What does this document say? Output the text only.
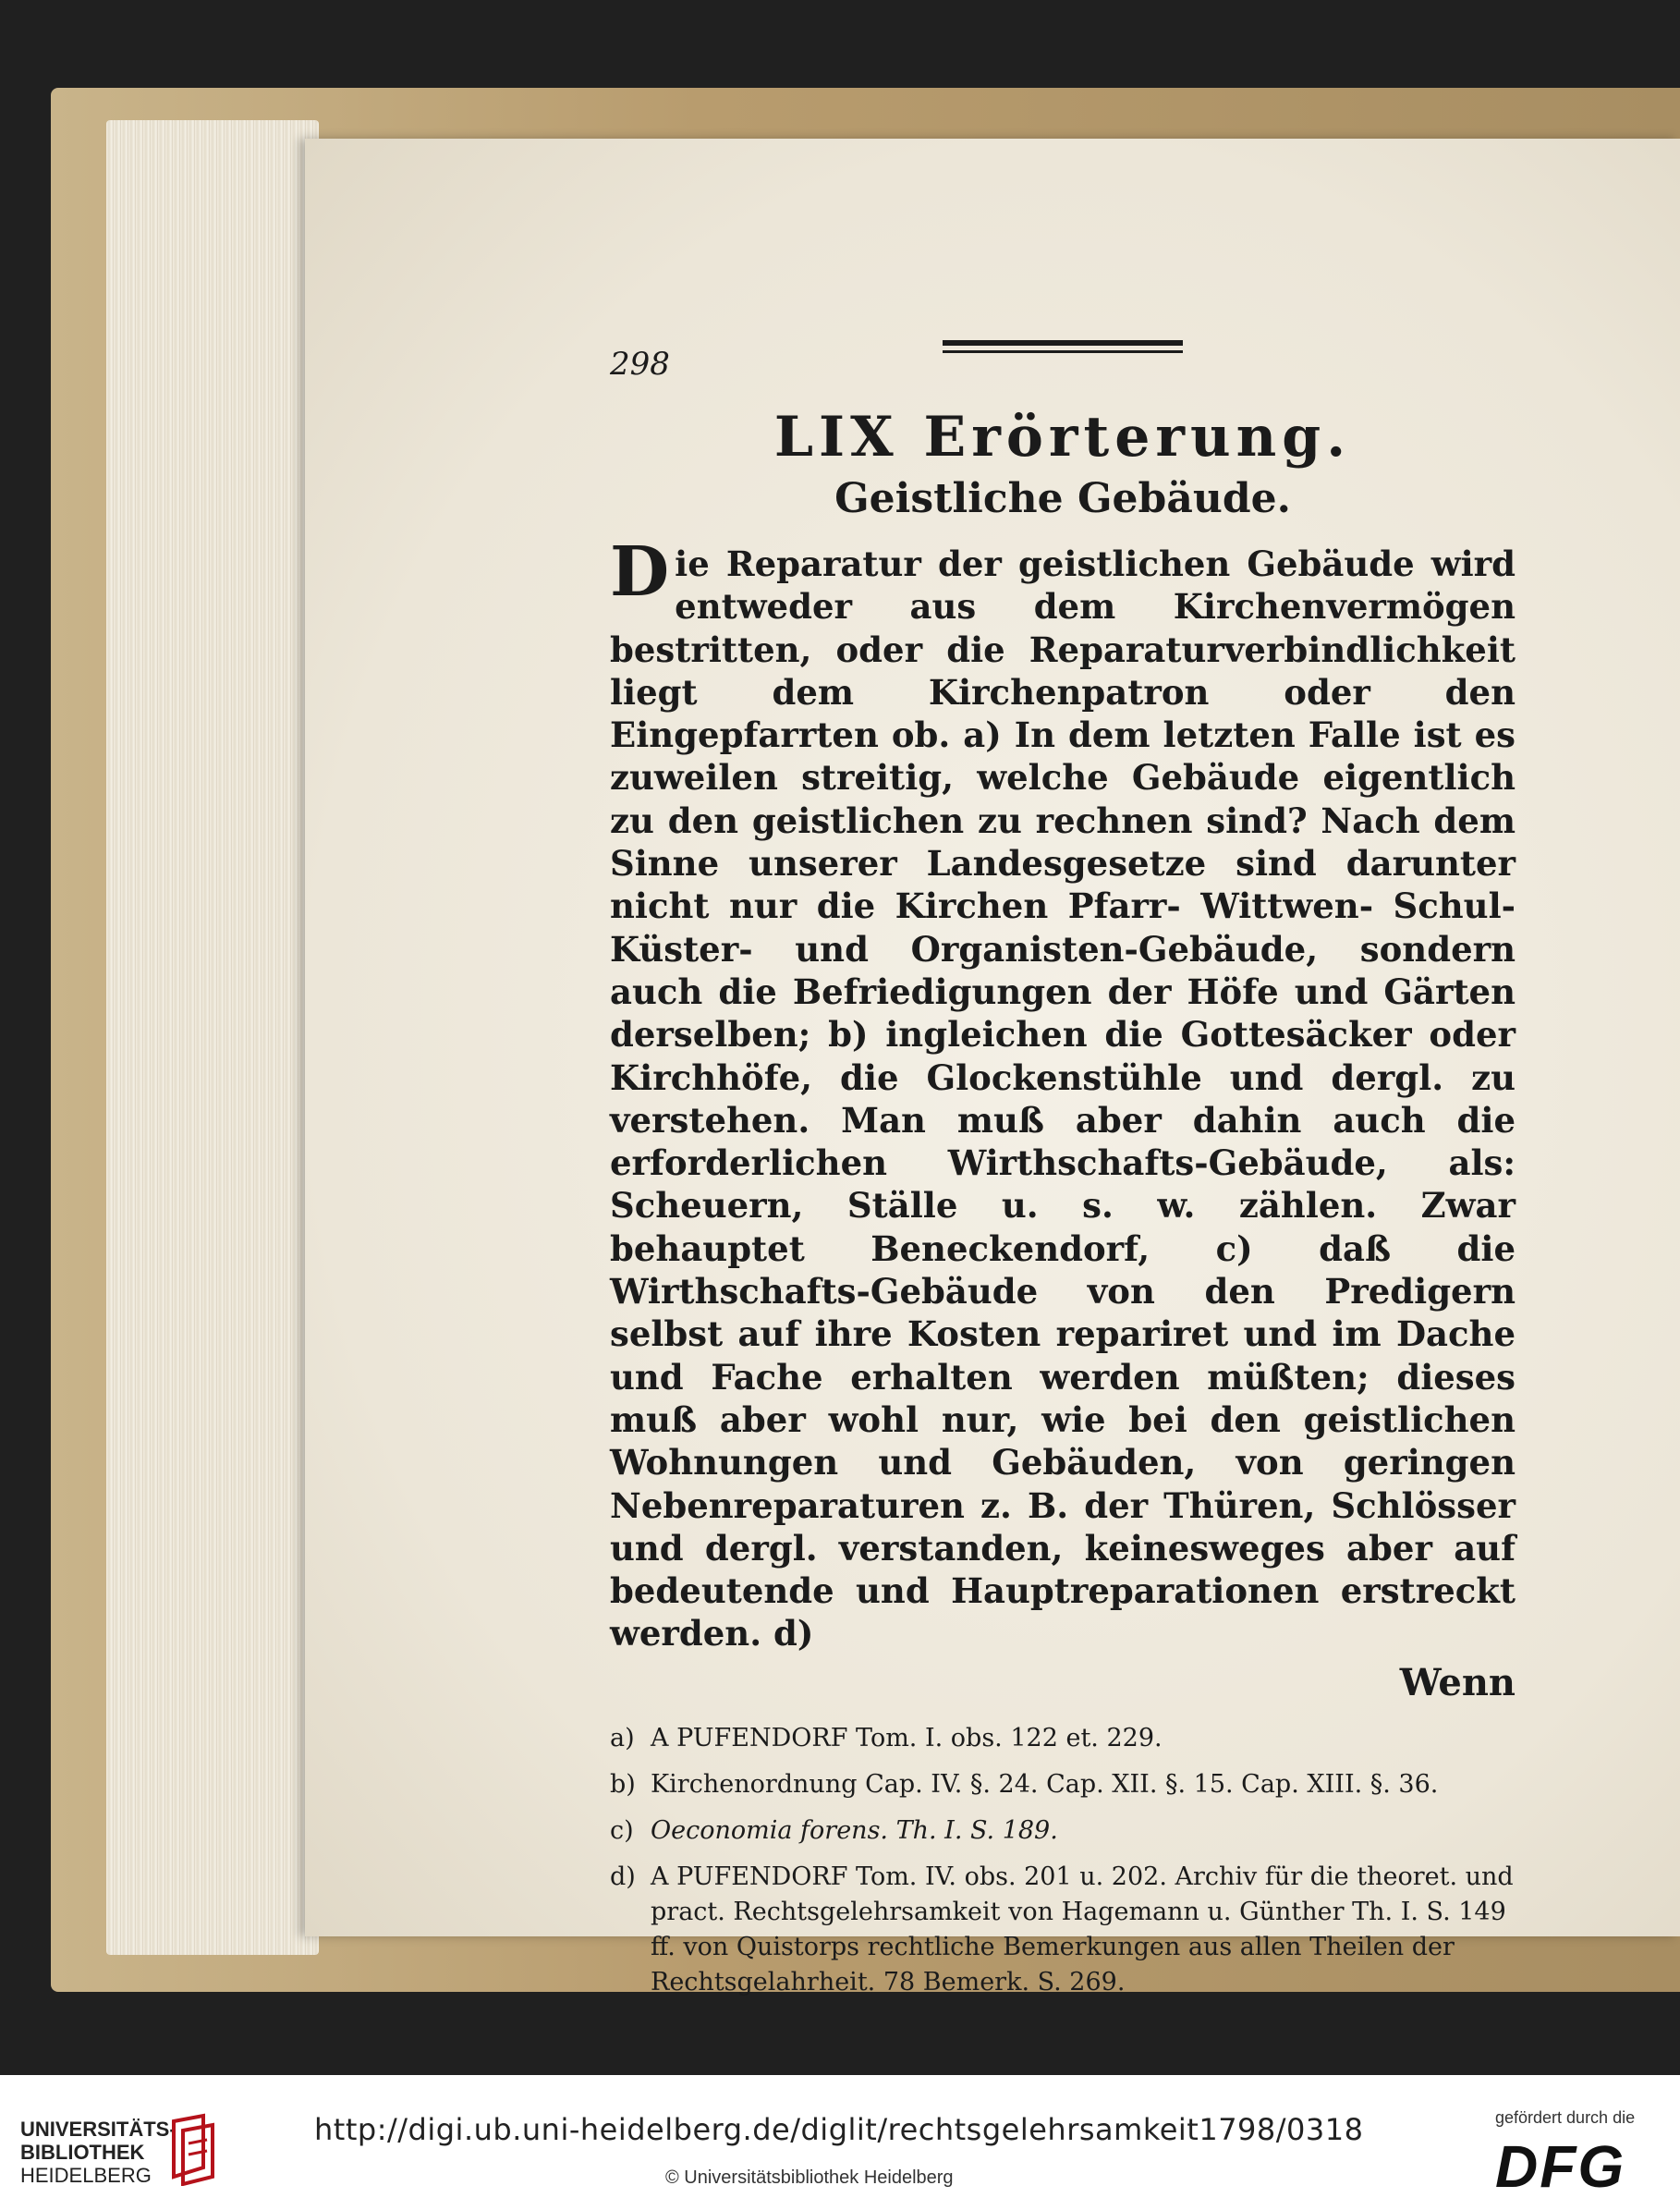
298
LIX Erörterung.
Geistliche Gebäude.
Die Reparatur der geistlichen Gebäude wird entweder aus dem Kirchenvermögen bestritten, oder die Reparaturverbindlichkeit liegt dem Kirchenpatron oder den Eingepfarrten ob. a) In dem letzten Falle ist es zuweilen streitig, welche Gebäude eigentlich zu den geistlichen zu rechnen sind? Nach dem Sinne unserer Landesgesetze sind darunter nicht nur die Kirchen Pfarr- Wittwen- Schul- Küster- und Organisten-Gebäude, sondern auch die Befriedigungen der Höfe und Gärten derselben; b) ingleichen die Gottesäcker oder Kirchhöfe, die Glockenstühle und dergl. zu verstehen. Man muß aber dahin auch die erforderlichen Wirthschafts-Gebäude, als: Scheuern, Ställe u. s. w. zählen. Zwar behauptet Beneckendorf, c) daß die Wirthschafts-Gebäude von den Predigern selbst auf ihre Kosten repariret und im Dache und Fache erhalten werden müßten; dieses muß aber wohl nur, wie bei den geistlichen Wohnungen und Gebäuden, von geringen Nebenreparaturen z. B. der Thüren, Schlösser und dergl. verstanden, keinesweges aber auf bedeutende und Hauptreparationen erstreckt werden. d)
Wenn
a) A PUFENDORF Tom. I. obs. 122 et. 229.
b) Kirchenordnung Cap. IV. §. 24. Cap. XII. §. 15. Cap. XIII. §. 36.
c) Oeconomia forens. Th. I. S. 189.
d) A PUFENDORF Tom. IV. obs. 201 u. 202. Archiv für die theoret. und pract. Rechtsgelehrsamkeit von Hagemann u. Günther Th. I. S. 149 ff. von Quistorps rechtliche Bemerkungen aus allen Theilen der Rechtsgelahrheit. 78 Bemerk. S. 269.
UNIVERSITÄTS-
BIBLIOTHEK
HEIDELBERG
http://digi.ub.uni-heidelberg.de/diglit/rechtsgelehrsamkeit1798/0318
© Universitätsbibliothek Heidelberg
gefördert durch die
DFG
